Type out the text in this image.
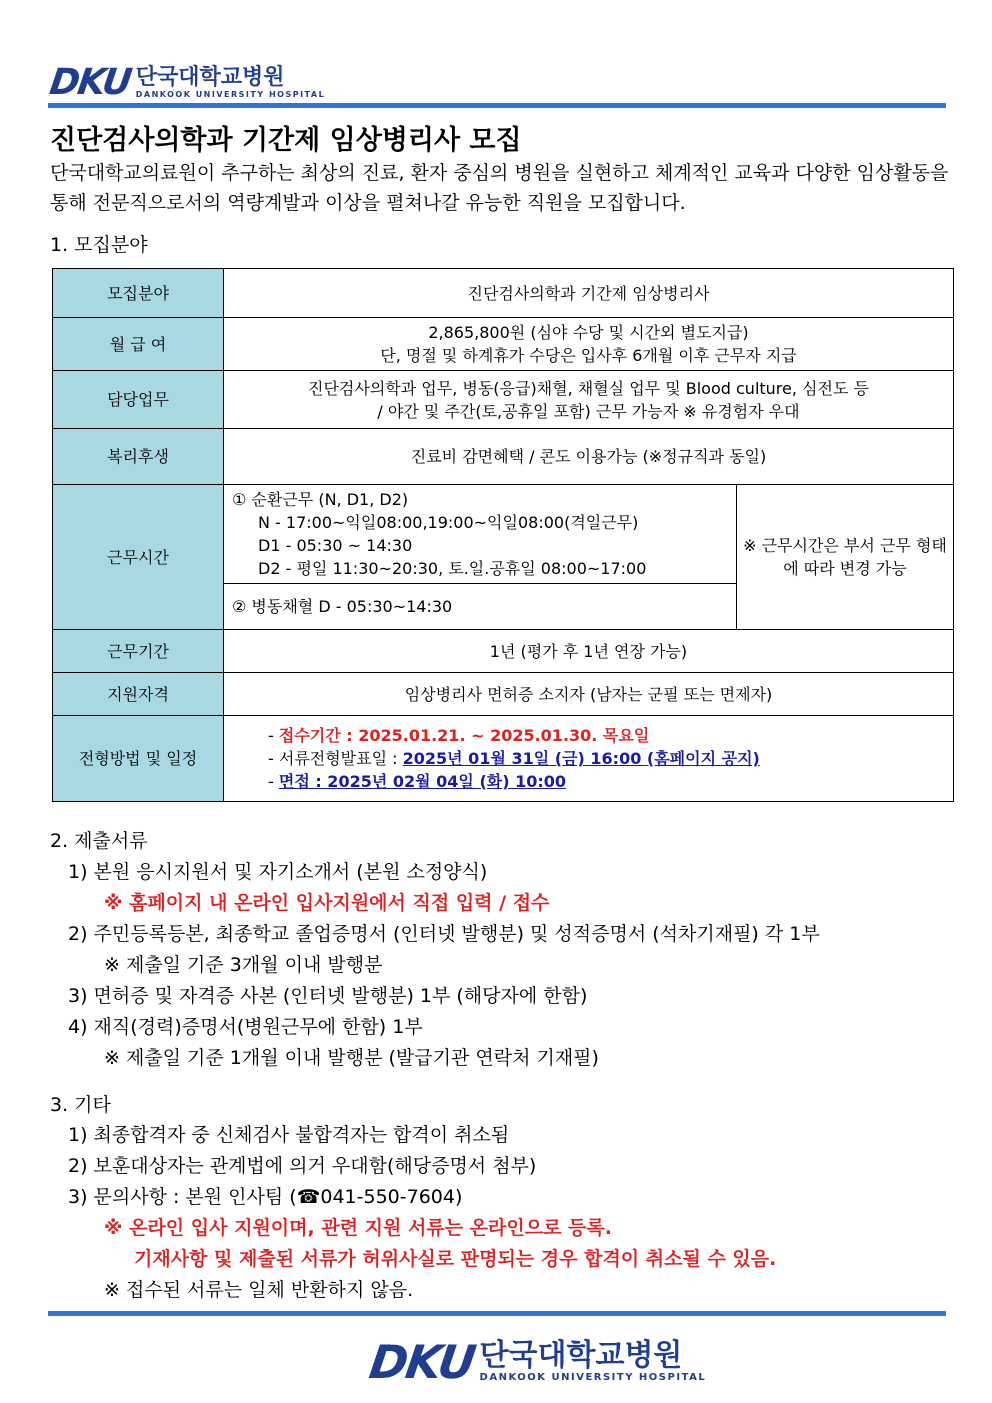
DKU 단국대학교병원
DANKOOK UNIVERSITY HOSPITAL
진단검사의학과 기간제 임상병리사 모집

단국대학교의료원이 추구하는 최상의 진료, 환자 중심의 병원을 실현하고 체계적인 교육과 다양한 임상활동을 통해 전문직으로서의 역량계발과 이상을 펼쳐나갈 유능한 직원을 모집합니다.

1. 모집분야

모집분야	진단검사의학과 기간제 임상병리사	
월 급 여	2,865,800원 (심야 수당 및 시간외 별도지급)
단, 명절 및 하계휴가 수당은 입사후 6개월 이후 근무자 지급	

담당업무	진단검사의학과 업무, 병동(응급)채혈, 채혈실 업무 및 Blood culture, 심전도 등
/ 야간 및 주간(토,공휴일 포함) 근무 가능자 ※ 유경험자 우대	

복리후생	진료비 감면혜택 / 콘도 이용가능 (※정규직과 동일)	
근무시간	① 순환근무 (N, D1, D2)
N - 17:00~익일08:00,19:00~익일08:00(격일근무)
D1 - 05:30 ~ 14:30
D2 - 평일 11:30~20:30, 토.일.공휴일 08:00~17:00	※ 근무시간은 부서 근무 형태에 따라 변경 가능
	② 병동채혈 D - 05:30~14:30	
근무기간	1년 (평가 후 1년 연장 가능)	
지원자격	임상병리사 면허증 소지자 (남자는 군필 또는 면제자)	
전형방법 및 일정	- 접수기간 : 2025.01.21. ~ 2025.01.30. 목요일
- 서류전형발표일 : 2025년 01월 31일 (금) 16:00 (홈페이지 공지)
- 면접 : 2025년 02월 04일 (화) 10:00	

2. 제출서류

1) 본원 응시지원서 및 자기소개서 (본원 소정양식)
※ 홈페이지 내 온라인 입사지원에서 직접 입력 / 접수
2) 주민등록등본, 최종학교 졸업증명서 (인터넷 발행분) 및 성적증명서 (석차기재필) 각 1부
※ 제출일 기준 3개월 이내 발행분
3) 면허증 및 자격증 사본 (인터넷 발행분) 1부 (해당자에 한함)
4) 재직(경력)증명서(병원근무에 한함) 1부
※ 제출일 기준 1개월 이내 발행분 (발급기관 연락처 기재필)

3. 기타

1) 최종합격자 중 신체검사 불합격자는 합격이 취소됨
2) 보훈대상자는 관계법에 의거 우대함(해당증명서 첨부)
3) 문의사항 : 본원 인사팀 (☎041-550-7604)
※ 온라인 입사 지원이며, 관련 지원 서류는 온라인으로 등록.
기재사항 및 제출된 서류가 허위사실로 판명되는 경우 합격이 취소될 수 있음.
※ 접수된 서류는 일체 반환하지 않음.
DKU 단국대학교병원
DANKOOK UNIVERSITY HOSPITAL
